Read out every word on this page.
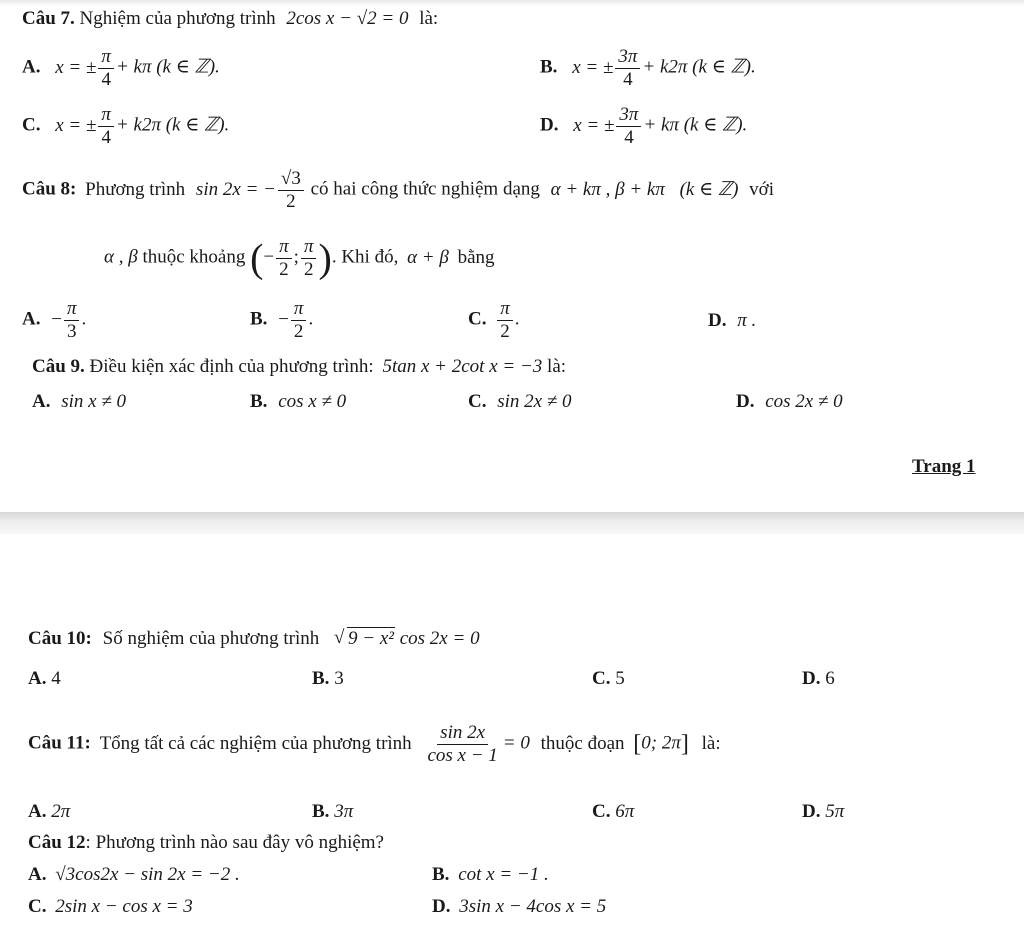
Câu 7. Nghiệm của phương trình 2cos x − √2 = 0 là:
A. x = ± $\frac{\pi}{4} + k\pi$ (k ∈ ℤ).	B. x = ± $\frac{3\pi}{4} + k2\pi$ (k ∈ ℤ).
C. x = ± $\frac{\pi}{4} + k2\pi$ (k ∈ ℤ).	D. x = ± $\frac{3\pi}{4} + k\pi$ (k ∈ ℤ).
Câu 8: Phương trình sin 2x = − $\frac{√3}{2}$ có hai công thức nghiệm dạng α + kπ , β + kπ (k ∈ ℤ) với
α , β thuộc khoảng (− $\frac{\pi}{2}$ ; $\frac{\pi}{2}$ ). Khi đó, α + β bằng
A. − $\frac{\pi}{3}$ .	B. − $\frac{\pi}{2}$ .	C. $\frac{\pi}{2}$ .	D. π .
Câu 9. Điều kiện xác định của phương trình: 5tan x + 2cot x = −3 là:
A. sin x ≠ 0	B. cos x ≠ 0	C. sin 2x ≠ 0	D. cos 2x ≠ 0
Trang 1
Câu 10: Số nghiệm của phương trình √ 9 − x² cos 2x = 0
A. 4	B. 3	C. 5	D. 6
Câu 11: Tổng tất cả các nghiệm của phương trình $\frac{\sin 2x}{\text{cos x − 1}} = 0$ thuộc đoạn [0; 2π] là:
A. 2π	B. 3π	C. 6π	D. 5π
Câu 12: Phương trình nào sau đây vô nghiệm?
A. √3cos2x − sin 2x = −2 .	B. cot x = −1 .
C. 2sin x − cos x = 3	D. 3sin x − 4cos x = 5
